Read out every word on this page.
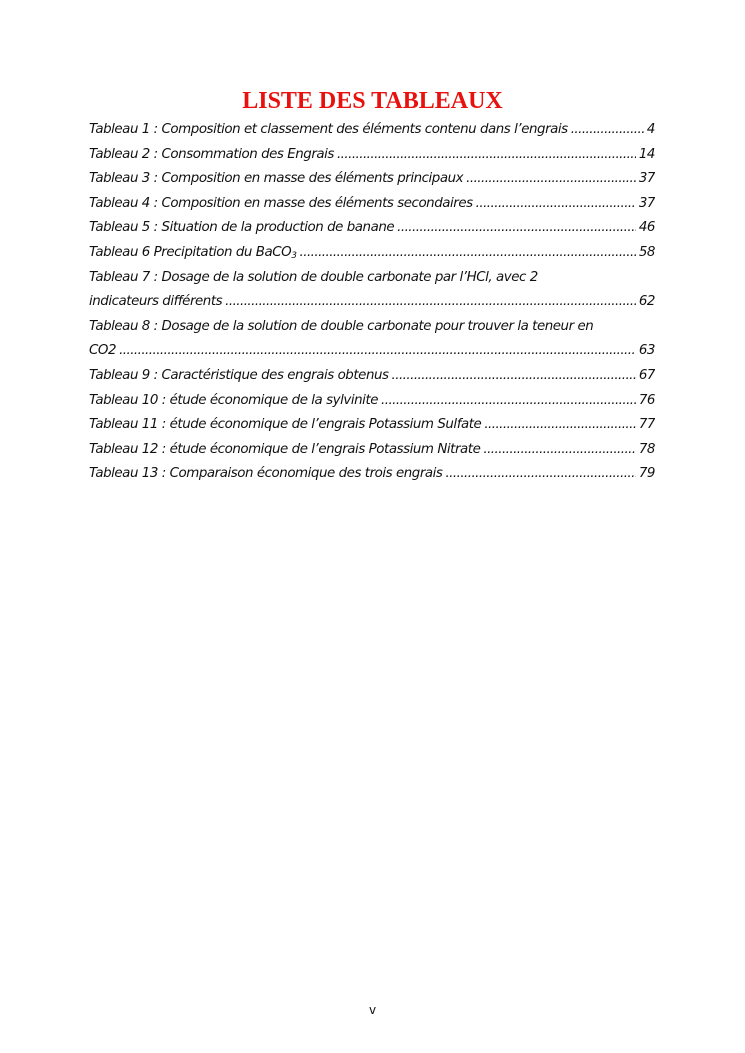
LISTE DES TABLEAUX
Tableau 1 : Composition et classement des éléments contenu dans l’engrais . . .	4
Tableau 2 : Consommation des Engrais . . .	14
Tableau 3 : Composition en masse des éléments principaux . . .	37
Tableau 4 : Composition en masse des éléments secondaires . . .	37
Tableau 5 : Situation de la production de banane . . .	46
Tableau 6 Precipitation du BaCO$_3$ . . .	58
Tableau 7 : Dosage de la solution de double carbonate par l’HCl, avec 2
indicateurs différents . . .	62
Tableau 8 : Dosage de la solution de double carbonate pour trouver la teneur en
CO2 . . .	63
Tableau 9 : Caractéristique des engrais obtenus . . .	67
Tableau 10 : étude économique de la sylvinite . . .	76
Tableau 11 : étude économique de l’engrais Potassium Sulfate . . .	77
Tableau 12 : étude économique de l’engrais Potassium Nitrate . . .	78
Tableau 13 : Comparaison économique des trois engrais . . .	79
v
